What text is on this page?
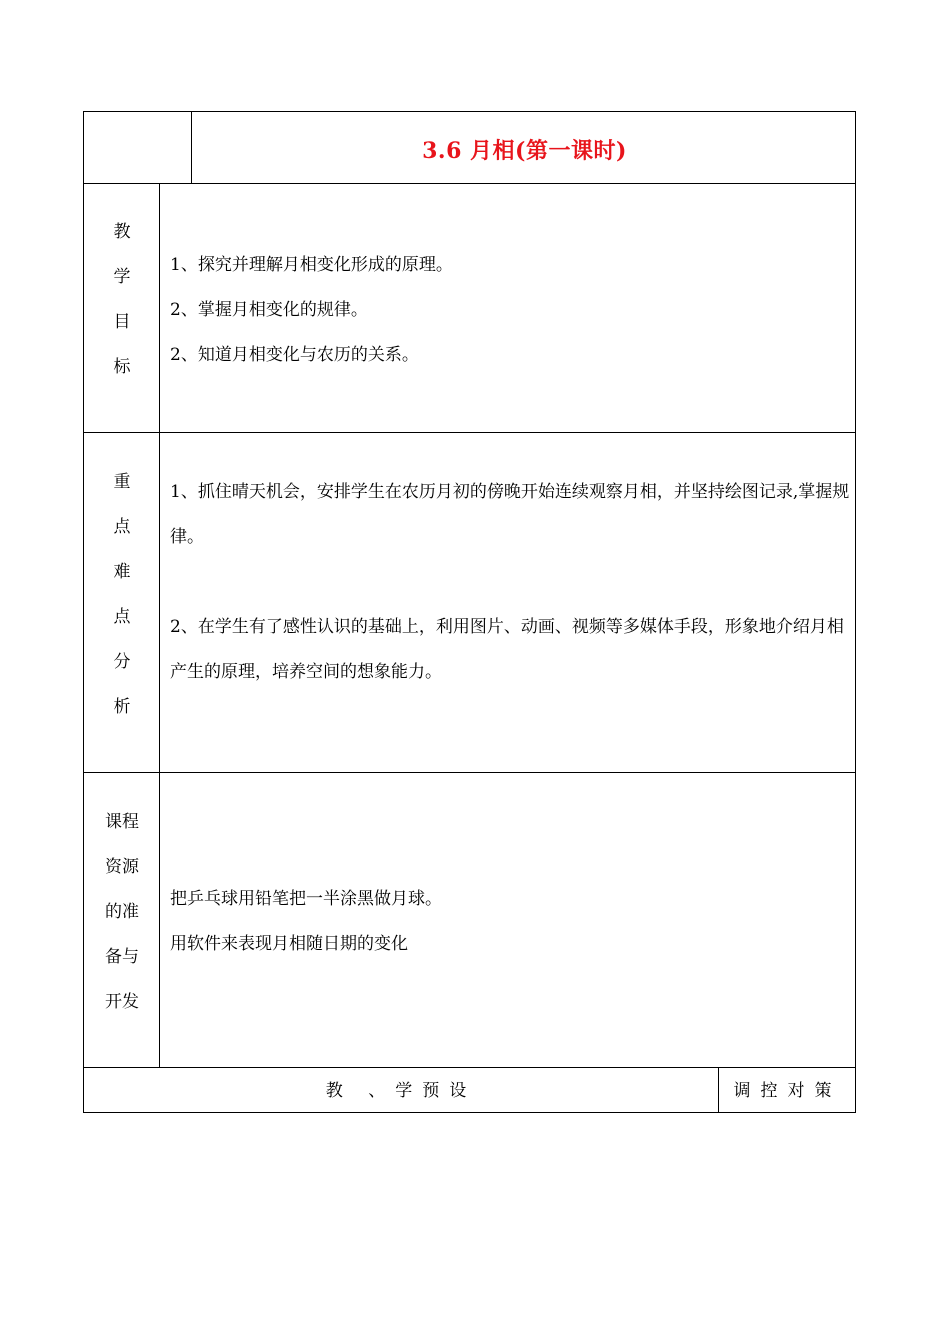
3.6 月相(第一课时)
教
学
目
标

1、探究并理解月相变化形成的原理。

2、掌握月相变化的规律。

2、知道月相变化与农历的关系。

重
点
难
点
分
析

1、抓住晴天机会，安排学生在农历月初的傍晚开始连续观察月相，并坚持绘图记录,掌握规律。

2、在学生有了感性认识的基础上，利用图片、动画、视频等多媒体手段，形象地介绍月相产生的原理，培养空间的想象能力。

课程
资源
的准
备与
开发

把乒乓球用铅笔把一半涂黑做月球。

用软件来表现月相随日期的变化

教 、学预设	调控对策
